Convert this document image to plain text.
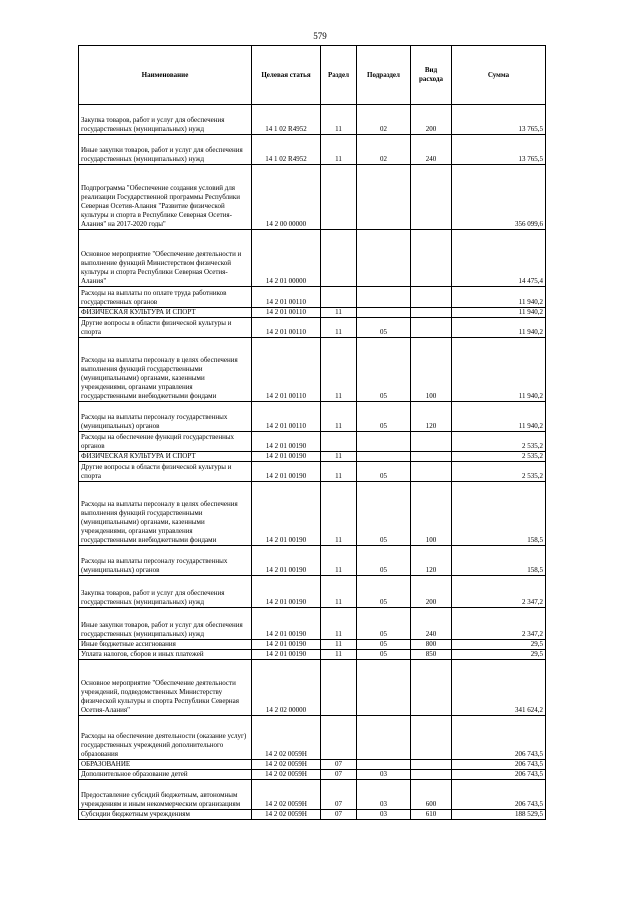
579
Наименование	Целевая статья	Раздел	Подраздел	Вид расхода	Сумма
Закупка товаров, работ и услуг для обеспечения государственных (муниципальных) нужд	14 1 02 R4952	11	02	200	13 765,5
Иные закупки товаров, работ и услуг для обеспечения государственных (муниципальных) нужд	14 1 02 R4952	11	02	240	13 765,5
Подпрограмма "Обеспечение создания условий для реализации Государственной программы Республики Северная Осетия-Алания "Развитие физической культуры и спорта в Республике Северная Осетия-Алания" на 2017-2020 годы"	14 2 00 00000				356 099,6
Основное мероприятие "Обеспечение деятельности и выполнение функций Министерством физической культуры и спорта Республики Северная Осетия-Алания"	14 2 01 00000				14 475,4
Расходы на выплаты по оплате труда работников государственных органов	14 2 01 00110				11 940,2
ФИЗИЧЕСКАЯ КУЛЬТУРА И СПОРТ	14 2 01 00110	11			11 940,2
Другие вопросы в области физической культуры и спорта	14 2 01 00110	11	05		11 940,2
Расходы на выплаты персоналу в целях обеспечения выполнения функций государственными (муниципальными) органами, казенными учреждениями, органами управления государственными внебюджетными фондами	14 2 01 00110	11	05	100	11 940,2
Расходы на выплаты персоналу государственных (муниципальных) органов	14 2 01 00110	11	05	120	11 940,2
Расходы на обеспечение функций государственных органов	14 2 01 00190				2 535,2
ФИЗИЧЕСКАЯ КУЛЬТУРА И СПОРТ	14 2 01 00190	11			2 535,2
Другие вопросы в области физической культуры и спорта	14 2 01 00190	11	05		2 535,2
Расходы на выплаты персоналу в целях обеспечения выполнения функций государственными (муниципальными) органами, казенными учреждениями, органами управления государственными внебюджетными фондами	14 2 01 00190	11	05	100	158,5
Расходы на выплаты персоналу государственных (муниципальных) органов	14 2 01 00190	11	05	120	158,5
Закупка товаров, работ и услуг для обеспечения государственных (муниципальных) нужд	14 2 01 00190	11	05	200	2 347,2
Иные закупки товаров, работ и услуг для обеспечения государственных (муниципальных) нужд	14 2 01 00190	11	05	240	2 347,2
Иные бюджетные ассигнования	14 2 01 00190	11	05	800	29,5
Уплата налогов, сборов и иных платежей	14 2 01 00190	11	05	850	29,5
Основное мероприятие "Обеспечение деятельности учреждений, подведомственных Министерству физической культуры и спорта Республики Северная Осетия-Алания"	14 2 02 00000				341 624,2
Расходы на обеспечение деятельности (оказание услуг) государственных учреждений дополнительного образования	14 2 02 0059Н				206 743,5
ОБРАЗОВАНИЕ	14 2 02 0059Н	07			206 743,5
Дополнительное образование детей	14 2 02 0059Н	07	03		206 743,5
Предоставление субсидий бюджетным, автономным учреждениям и иным некоммерческим организациям	14 2 02 0059Н	07	03	600	206 743,5
Субсидии бюджетным учреждениям	14 2 02 0059Н	07	03	610	188 529,5
